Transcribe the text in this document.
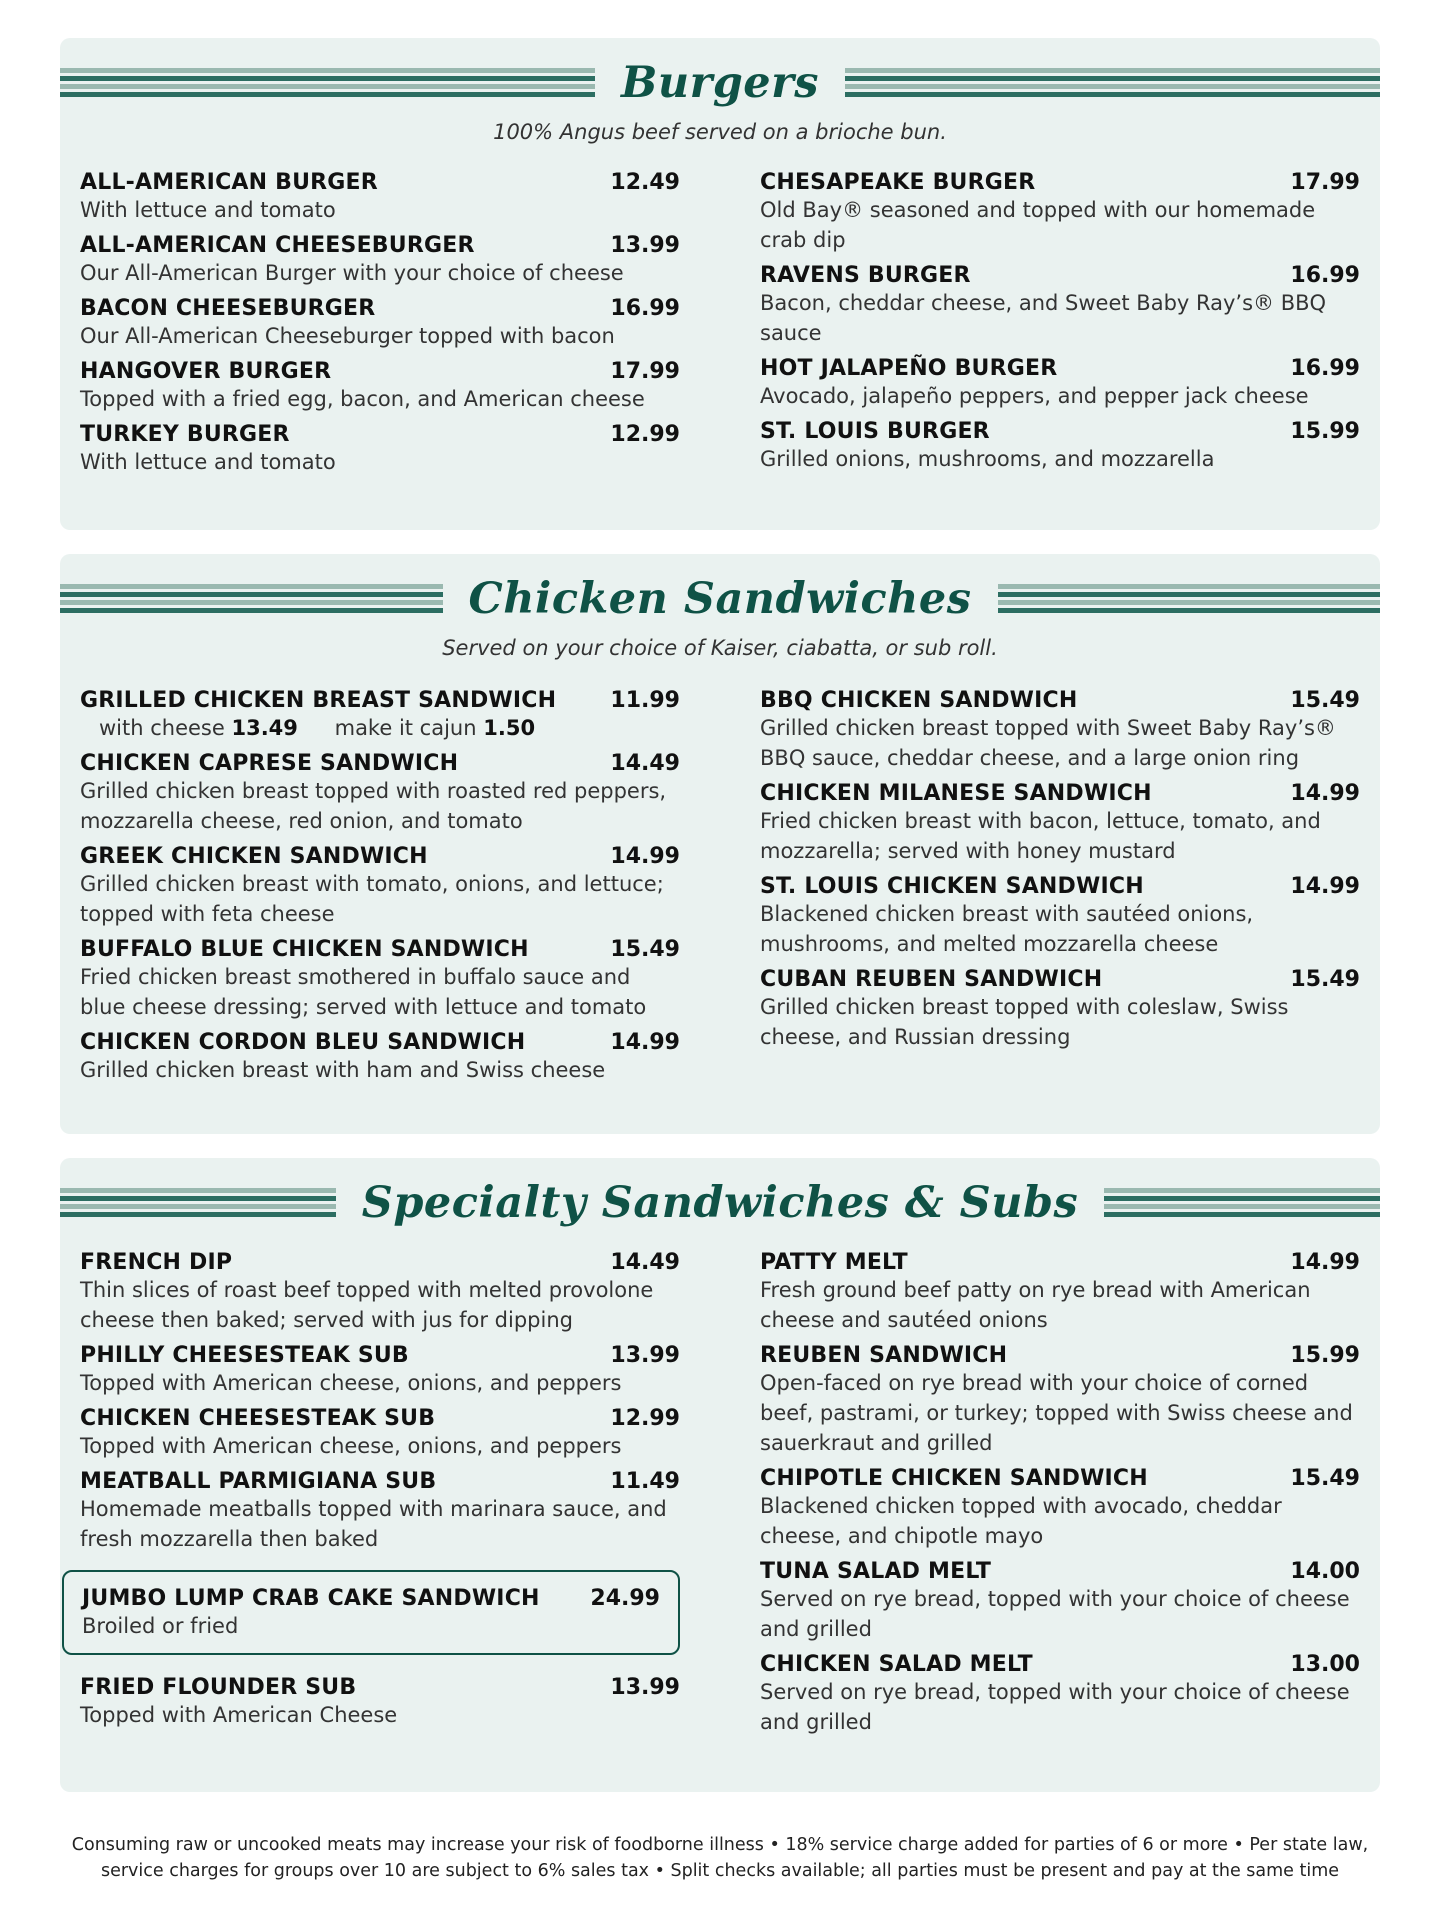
Burgers
100% Angus beef served on a brioche bun.
ALL-AMERICAN BURGER	12.49
With lettuce and tomato
ALL-AMERICAN CHEESEBURGER	13.99
Our All-American Burger with your choice of cheese
BACON CHEESEBURGER	16.99
Our All-American Cheeseburger topped with bacon
HANGOVER BURGER	17.99
Topped with a fried egg, bacon, and American cheese
TURKEY BURGER	12.99
With lettuce and tomato
CHESAPEAKE BURGER	17.99
Old Bay® seasoned and topped with our homemade crab dip
RAVENS BURGER	16.99
Bacon, cheddar cheese, and Sweet Baby Ray’s® BBQ sauce
HOT JALAPEÑO BURGER	16.99
Avocado, jalapeño peppers, and pepper jack cheese
ST. LOUIS BURGER	15.99
Grilled onions, mushrooms, and mozzarella
Chicken Sandwiches
Served on your choice of Kaiser, ciabatta, or sub roll.
GRILLED CHICKEN BREAST SANDWICH 11.99
with cheese 13.49 make it cajun 1.50
CHICKEN CAPRESE SANDWICH	14.49
Grilled chicken breast topped with roasted red peppers, mozzarella cheese, red onion, and tomato
GREEK CHICKEN SANDWICH	14.99
Grilled chicken breast with tomato, onions, and lettuce; topped with feta cheese
BUFFALO BLUE CHICKEN SANDWICH	15.49
Fried chicken breast smothered in buffalo sauce and blue cheese dressing; served with lettuce and tomato
CHICKEN CORDON BLEU SANDWICH	14.99
Grilled chicken breast with ham and Swiss cheese
BBQ CHICKEN SANDWICH	15.49
Grilled chicken breast topped with Sweet Baby Ray’s® BBQ sauce, cheddar cheese, and a large onion ring
CHICKEN MILANESE SANDWICH	14.99
Fried chicken breast with bacon, lettuce, tomato, and mozzarella; served with honey mustard
ST. LOUIS CHICKEN SANDWICH	14.99
Blackened chicken breast with sautéed onions, mushrooms, and melted mozzarella cheese
CUBAN REUBEN SANDWICH	15.49
Grilled chicken breast topped with coleslaw, Swiss cheese, and Russian dressing
Specialty Sandwiches & Subs
FRENCH DIP	14.49
Thin slices of roast beef topped with melted provolone cheese then baked; served with jus for dipping
PHILLY CHEESESTEAK SUB	13.99
Topped with American cheese, onions, and peppers
CHICKEN CHEESESTEAK SUB	12.99
Topped with American cheese, onions, and peppers
MEATBALL PARMIGIANA SUB	11.49
Homemade meatballs topped with marinara sauce, and fresh mozzarella then baked
JUMBO LUMP CRAB CAKE SANDWICH 24.99
Broiled or fried
FRIED FLOUNDER SUB	13.99
Topped with American Cheese
PATTY MELT	14.99
Fresh ground beef patty on rye bread with American cheese and sautéed onions
REUBEN SANDWICH	15.99
Open-faced on rye bread with your choice of corned beef, pastrami, or turkey; topped with Swiss cheese and sauerkraut and grilled
CHIPOTLE CHICKEN SANDWICH	15.49
Blackened chicken topped with avocado, cheddar cheese, and chipotle mayo
TUNA SALAD MELT	14.00
Served on rye bread, topped with your choice of cheese and grilled
CHICKEN SALAD MELT	13.00
Served on rye bread, topped with your choice of cheese and grilled
Consuming raw or uncooked meats may increase your risk of foodborne illness • 18% service charge added for parties of 6 or more • Per state law,
service charges for groups over 10 are subject to 6% sales tax • Split checks available; all parties must be present and pay at the same time
